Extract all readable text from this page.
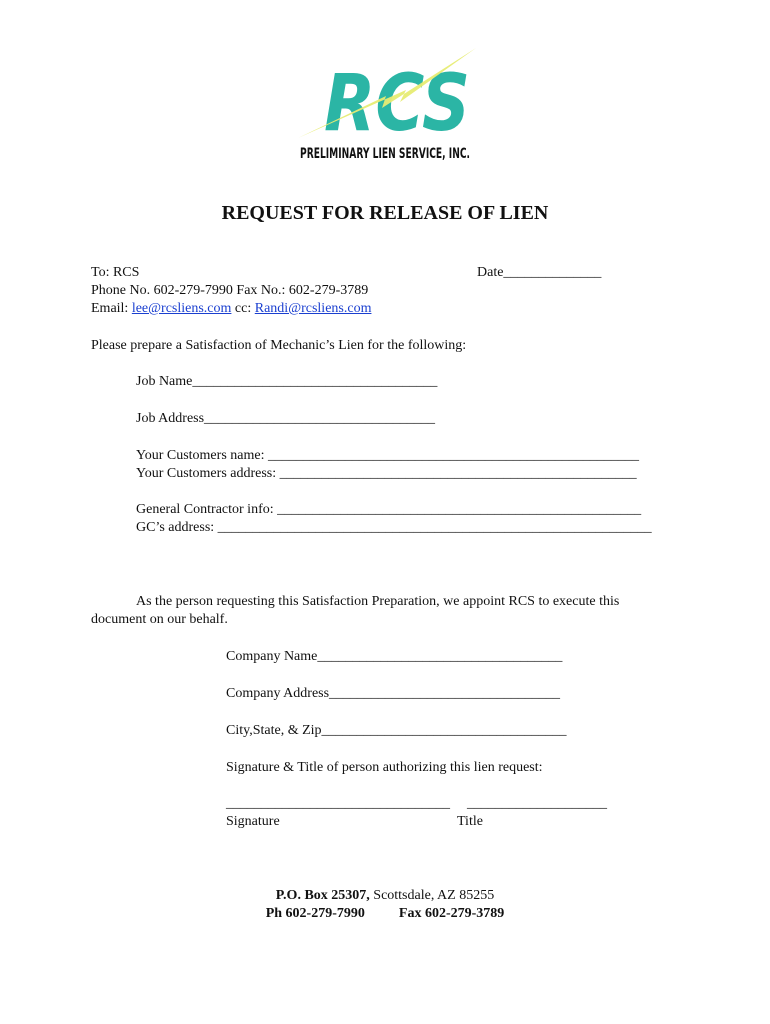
RCS
PRELIMINARY LIEN SERVICE, INC.
REQUEST FOR RELEASE OF LIEN
To: RCS	Date______________
Phone No. 602-279-7990 Fax No.: 602-279-3789
Email: lee@rcsliens.com cc: Randi@rcsliens.com
Please prepare a Satisfaction of Mechanic’s Lien for the following:
Job Name___________________________________
Job Address_________________________________
Your Customers name: _____________________________________________________
Your Customers address: ___________________________________________________
General Contractor info: ____________________________________________________
GC’s address: ______________________________________________________________
As the person requesting this Satisfaction Preparation, we appoint RCS to execute this
document on our behalf.
Company Name___________________________________
Company Address_________________________________
City,State, & Zip___________________________________
Signature & Title of person authorizing this lien request:
________________________________ ____________________
Signature	Title
P.O. Box 25307, Scottsdale, AZ 85255
Ph 602-279-7990 Fax 602-279-3789
